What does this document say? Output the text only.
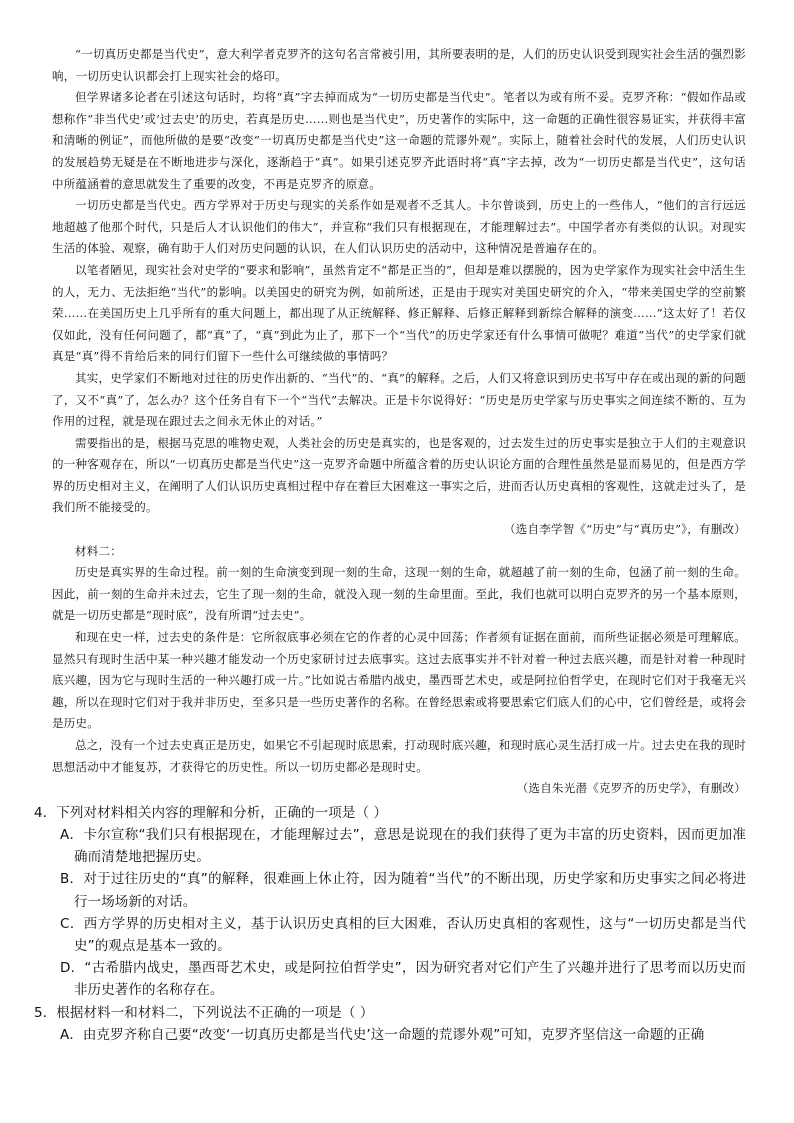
“一切真历史都是当代史”，意大利学者克罗齐的这句名言常被引用，其所要表明的是，人们的历史认识受到现实社会生活的强烈影响，一切历史认识都会打上现实社会的烙印。

但学界诸多论者在引述这句话时，均将“真”字去掉而成为“一切历史都是当代史”。笔者以为或有所不妥。克罗齐称：“假如作品或想称作“非当代史’或‘过去史’的历史，若真是历史……则也是当代史”，历史著作的实际中，这一命题的正确性很容易证实，并获得丰富和清晰的例证”，而他所做的是要“改变“一切真历史都是当代史”这一命题的荒谬外观”。实际上，随着社会时代的发展，人们历史认识的发展趋势无疑是在不断地进步与深化，逐渐趋于“真”。如果引述克罗齐此语时将“真”字去掉，改为“一切历史都是当代史”，这句话中所蕴涵着的意思就发生了重要的改变，不再是克罗齐的原意。

一切历史都是当代史。西方学界对于历史与现实的关系作如是观者不乏其人。卡尔曾谈到，历史上的一些伟人，“他们的言行远远地超越了他那个时代，只是后人才认识他们的伟大”，并宣称“我们只有根据现在，才能理解过去”。中国学者亦有类似的认识。对现实生活的体验、观察，确有助于人们对历史问题的认识，在人们认识历史的活动中，这种情况是普遍存在的。

以笔者陋见，现实社会对史学的“要求和影响”，虽然肯定不“都是正当的”，但却是难以摆脱的，因为史学家作为现实社会中活生生的人，无力、无法拒绝“当代”的影响。以美国史的研究为例，如前所述，正是由于现实对美国史研究的介入，“带来美国史学的空前繁荣……在美国历史上几乎所有的重大问题上，都出现了从正统解释、修正解释、后修正解释到新综合解释的演变……”这太好了！若仅仅如此，没有任何问题了，都“真”了，“真”到此为止了，那下一个“当代”的历史学家还有什么事情可做呢？难道“当代”的史学家们就真是“真”得不肯给后来的同行们留下一些什么可继续做的事情吗？

其实，史学家们不断地对过往的历史作出新的、“当代”的、“真”的解释。之后，人们又将意识到历史书写中存在或出现的新的问题了，又不“真”了，怎么办？这个任务自有下一个“当代”去解决。正是卡尔说得好：“历史是历史学家与历史事实之间连续不断的、互为作用的过程，就是现在跟过去之间永无休止的对话。”

需要指出的是，根据马克思的唯物史观，人类社会的历史是真实的，也是客观的，过去发生过的历史事实是独立于人们的主观意识的一种客观存在，所以“一切真历史都是当代史”这一克罗齐命题中所蕴含着的历史认识论方面的合理性虽然是显而易见的，但是西方学界的历史相对主义，在阐明了人们认识历史真相过程中存在着巨大困难这一事实之后，进而否认历史真相的客观性，这就走过头了，是我们所不能接受的。

（选自李学智《“历史”与“真历史”》，有删改）

材料二：

历史是真实界的生命过程。前一刻的生命演变到现一刻的生命，这现一刻的生命，就超越了前一刻的生命，包涵了前一刻的生命。因此，前一刻的生命并未过去，它生了现一刻的生命，就没入现一刻的生命里面。至此，我们也就可以明白克罗齐的另一个基本原则，就是一切历史都是“现时底”，没有所谓“过去史”。

和现在史一样，过去史的条件是：它所叙底事必须在它的作者的心灵中回荡；作者须有证据在面前，而所些证据必须是可理解底。显然只有现时生活中某一种兴趣才能发动一个历史家研讨过去底事实。这过去底事实并不针对着一种过去底兴趣，而是针对着一种现时底兴趣，因为它与现时生活的一种兴趣打成一片。”比如说古希腊内战史，墨西哥艺术史，或是阿拉伯哲学史，在现时它们对于我毫无兴趣，所以在现时它们对于我并非历史，至多只是一些历史著作的名称。在曾经思索或将要思索它们底人们的心中，它们曾经是，或将会是历史。

总之，没有一个过去史真正是历史，如果它不引起现时底思索，打动现时底兴趣，和现时底心灵生活打成一片。过去史在我的现时思想活动中才能复苏，才获得它的历史性。所以一切历史都必是现时史。

（选自朱光潜《克罗齐的历史学》，有删改）

4．下列对材料相关内容的理解和分析，正确的一项是（ ）

A．卡尔宣称“我们只有根据现在，才能理解过去”，意思是说现在的我们获得了更为丰富的历史资料，因而更加准确而清楚地把握历史。

B．对于过往历史的“真”的解释，很难画上休止符，因为随着“当代”的不断出现，历史学家和历史事实之间必将进行一场场新的对话。

C．西方学界的历史相对主义，基于认识历史真相的巨大困难，否认历史真相的客观性，这与“一切历史都是当代史”的观点是基本一致的。

D．“古希腊内战史，墨西哥艺术史，或是阿拉伯哲学史”，因为研究者对它们产生了兴趣并进行了思考而以历史而非历史著作的名称存在。

5．根据材料一和材料二，下列说法不正确的一项是（ ）

A．由克罗齐称自己要“改变‘一切真历史都是当代史’这一命题的荒谬外观”可知，克罗齐坚信这一命题的正确
